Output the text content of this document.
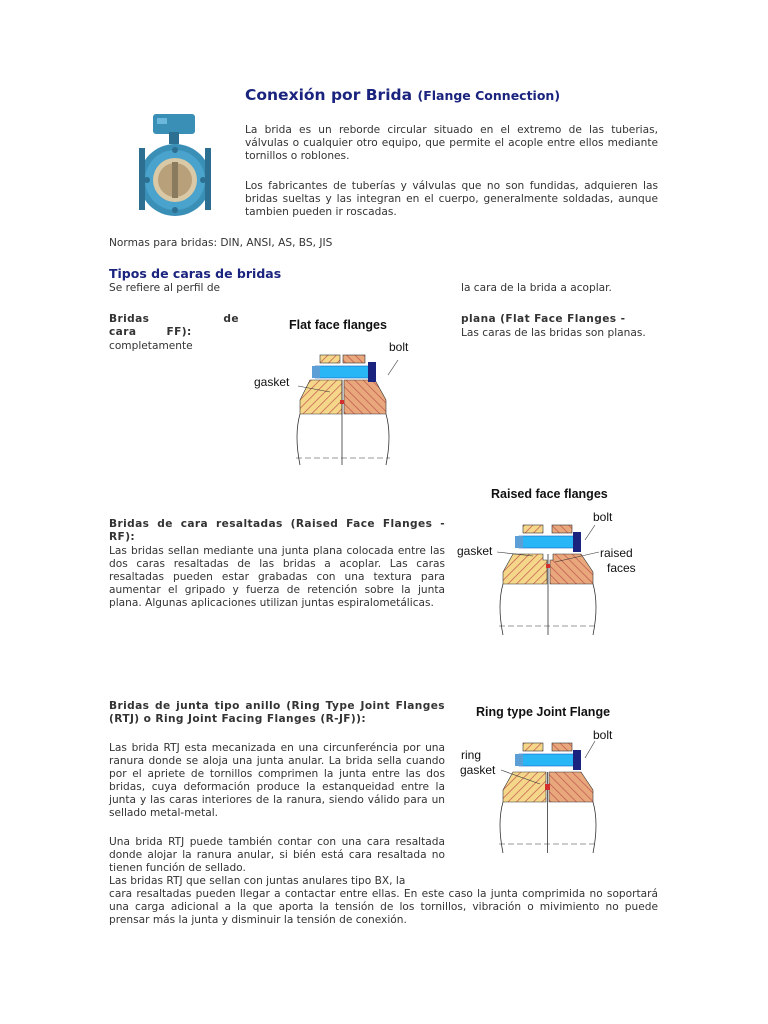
Conexión por Brida (Flange Connection)

La brida es un reborde circular situado en el extremo de las tuberias, válvulas o cualquier otro equipo, que permite el acople entre ellos mediante tornillos o roblones.

Los fabricantes de tuberías y válvulas que no son fundidas, adquieren las bridas sueltas y las integran en el cuerpo, generalmente soldadas, aunque tambien pueden ir roscadas.

Normas para bridas: DIN, ANSI, AS, BS, JIS

Tipos de caras de bridas

Se refiere al perfil de	la cara de la brida a acoplar.

Bridas de cara FF):

completamente

plana (Flat Face Flanges -

Las caras de las bridas son planas.

Flat face flanges
bolt
gasket
Raised face flanges
bolt
gasket	raised
faces

Bridas de cara resaltadas (Raised Face Flanges - RF):

Las bridas sellan mediante una junta plana colocada entre las dos caras resaltadas de las bridas a acoplar. Las caras resaltadas pueden estar grabadas con una textura para aumentar el gripado y fuerza de retención sobre la junta plana. Algunas aplicaciones utilizan juntas espiralometálicas.

Ring type Joint Flange
bolt
ring
gasket

Bridas de junta tipo anillo (Ring Type Joint Flanges (RTJ) o Ring Joint Facing Flanges (R-JF)):

Las brida RTJ esta mecanizada en una circunferéncia por una ranura donde se aloja una junta anular. La brida sella cuando por el apriete de tornillos comprimen la junta entre las dos bridas, cuya deformación produce la estanqueidad entre la junta y las caras interiores de la ranura, siendo válido para un sellado metal-metal.

Una brida RTJ puede también contar con una cara resaltada donde alojar la ranura anular, si bién está cara resaltada no tienen función de sellado.

Las bridas RTJ que sellan con juntas anulares tipo BX, la

cara resaltadas pueden llegar a contactar entre ellas. En este caso la junta comprimida no soportará una carga adicional a la que aporta la tensión de los tornillos, vibración o mivimiento no puede prensar más la junta y disminuir la tensión de conexión.
